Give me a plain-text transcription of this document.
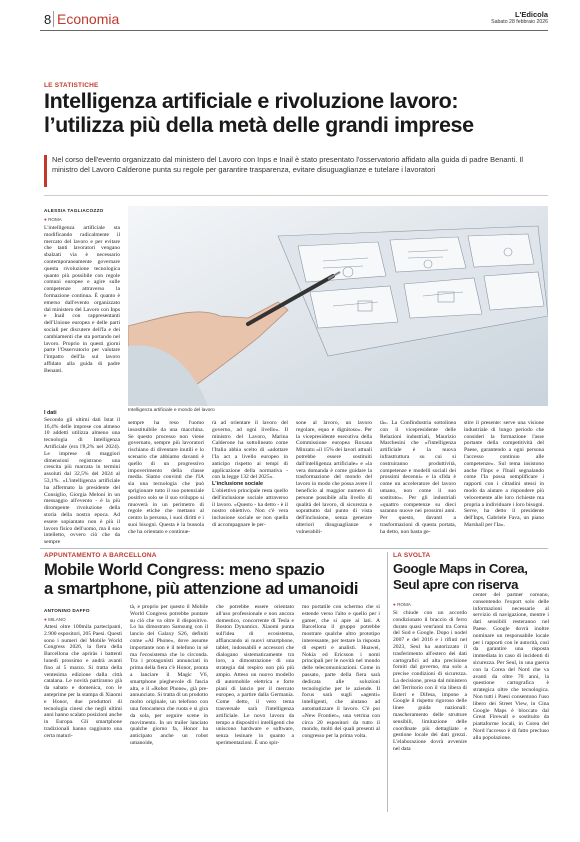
8 Economia	L'Edicola
Sabato 28 febbraio 2026
LE STATISTICHE
Intelligenza artificiale e rivoluzione lavoro:
l’utilizza più della metà delle grandi imprese
Nel corso dell'evento organizzato dal ministero del Lavoro con Inps e Inail è stato presentato l'osservatorio affidato alla guida di padre Benanti. Il ministro del Lavoro Calderone punta su regole per garantire trasparenza, evitare disuguaglianze e tutelare i lavoratori
ALESSIA TAGLIACOZZO
● ROMA
Intelligenza artificiale e mondo del lavoro

L'intelligenza artificiale sta modificando radicalmente il mercato del lavoro e per evitare che tanti lavoratori vengano sbalzati via è necessario contemporaneamente governare questa rivoluzione tecnologica quanto più possibile con regole comuni europee e agire sulle competenze attraverso la formazione continua. È quanto è emerso dall'evento organizzato dal ministero del Lavoro con Inps e Inail con rappresentanti dell'Unione europea e delle parti sociali per discutere dell'Ia e dei cambiamenti che sta portando nel lavoro. Proprio in questi giorni parte l'Osservatorio per valutare l'impatto dell'Ia sul lavoro affidato alla guida di padre Benanti.

I dati

Secondo gli ultimi dati Istat il 16,4% delle imprese con almeno 10 addetti utilizza almeno una tecnologia di Intelligenza Artificiale (era l'8,2% nel 2024). Le imprese di maggiori dimensioni registrano una crescita più marcata in termini assoluti dal 32,5% del 2024 al 53,1%. «L'intelligenza artificiale ha affermato la presidente del Consiglio, Giorgia Meloni in un messaggio all'evento - è la più dirompente rivoluzione della storia della nostra epoca. Ad essere sopiantato non è più il lavoro fisico dell'uomo, ma il suo intelletto, ovvero ciò che da sempre

sempre ha reso l'uomo insostituibile da una macchina. Se questo processo non viene governato, sempre più lavoratori rischiano di diventare inutili e lo scenario che abbiamo davanti è quello di un progressivo impoverimento della classe media. Siamo convinti che l'IA sia una tecnologia che può sprigionare tutto il suo potenziale positivo solo se il suo sviluppo si muoverà in un perimetro di regole etiche che mettano al centro la persona, i suoi diritti e i suoi bisogni. Questa è la bussola che ha orientato e continue-

rà ad orientare il lavoro del governo, ad ogni livello». Il ministro del Lavoro, Marina Calderone ha sottolineato come l'Italia abbia scelto di «adottare l'Ia act a livello europeo in anticipo rispetto ai tempi di applicazione della normativa - con la legge 132 del 2025».

L'inclusione sociale

L'obiettivo principale resta quello dell'inclusione sociale attraverso il lavoro. «Questo - ha detto - è il nostro obiettivo. Non c'è vera inclusione sociale se non quella di accompagnare le per-

sone al lavoro, un lavoro regolare, equo e dignitoso». Per la vicepresidente esecutiva della Commissione europea Roxana Minzatu «il 15% dei lavori attuali potrebbe essere sostituiti dall'intelligenza artificiale» e «la vera domanda è come guidare la trasformazione del mondo del lavoro in modo che possa avere il beneficio al maggior numero di persone possibile alla livello di qualità del lavoro, di sicurezza e soprattutto dal punto di vista dell'inclusione, senza generare ulteriori disuguaglianze e vulnerabili-

tà». La Confindustria sottolinea con il vicepresidente delle Relazioni industriali, Maurizio Marchesini che «l'intelligenza artificiale è la nuova infrastruttura su cui si costruiranno produttività, competenze e modelli sociali dei prossimi decenni» e la sfida è come un acceleratore del lavoro umano, non come il suo sostituto». Per gli industriali «quattro competenze su dieci saranno nuove nei prossimi anni. Per questo, davanti a trasformazioni di questa portata, ha detto, non basta ge-

stire il presente: serve una visione industriale di lungo periodo che consideri la formazione l'asse portante della competitività del Paese, garantendo a ogni persona l'accesso continuo alle competenze». Sul tema insistono anche l'Inps e l'Inail segnalando come l'Ia possa semplificare i rapporti con i cittadini stessi in modo da aiutare a rispondere più velocemente alle loro richieste ma propria a individuare i loro bisogni. Serve, ha detto il presidente dell'Inps, Gabriele Fava, un piano Marshall per l'Ia».

APPUNTAMENTO A BARCELLONA
Mobile World Congress: meno spazio
a smartphone, più attenzione ad umanoidi
ANTONINO DAFFO
● MILANO

Attesi oltre 100mila partecipanti, 2.900 espositori, 205 Paesi. Questi sono i numeri del Mobile World Congress 2026, la fiera della Barcellona che apriràs i battenti lunedì prossimo e andrà avanti fino al 5 marzo. Si tratta della ventesima edizione dalla città catalana. Le novità partiranno già da sabato e domenica, con le anteprime per la stampa di Xiaomi e Honor, due produttori di tecnologia cinesi che negli ultimi anni hanno scalato posizioni anche in Europa. Gli smartphone tradizionali hanno raggiunto una certa maturi-

tà, e proprio per questo il Mobile World Congress potrebbe puntare su ciò che va oltre il dispositivo. Lo ha dimostrato Samsung con il lancio del Galaxy S26, definiti come «AI Phone», dove assume importante non è il telefono in sé ma l'ecosistema che lo circonda. Tra i protagonisti annunciati in prima della fiera c'è Honor, pronta a lanciare il Magic V6, smartphone pieghevole di fascia alta, e il «Robot Phone», già pre-annunciato. Si tratta di un prodotto molto originale, un telefono con una fotocamera che ruota e si gira da sola, per seguire scene in movimento. In un trailer lanciato qualche giorno fa, Honor ha anticipato anche un robot umanoide,

che potrebbe essere orientato all'uso professionale e non ancora domestico, concorrente di Tesla e Boston Dynamics. Xiaomi punta sull'idea di ecosistema, affiancando ai nuovi smartphone, tablet, indossabili e accessori che dialogano sistematicamente tra loro, a dimostrazione di una strategia dal respiro non più più ampio. Atteso un nuovo modello di automobile elettrica e forte piani di lancio per il mercato europeo, a partire dalla Germania. Come detto, il vero tema trasversale sarà l'intelligenza artificiale. Le novo lavora da tempo a dispositivi intelligenti che uniscono hardware e software, senza lesinare in quanto a sperimentazioni. È uno spir-

mo portatile con schermo che si estende verso l'alto e quello per i gamer, che si apre ai lati. A Barcellona il gruppo potrebbe mostrare qualche altro prototipo interessante, per testare la risposta di esperti e analisti. Huawei, Nokia ed Ericsson i nomi principali per le novità nel mondo delle telecomunicazioni. Come in passato, parte della fiera sarà dedicata alle soluzioni tecnologiche per le aziende. Il focus sarà sugli «agenti» intelligenti, che aiutano ad automatizzare il lavoro. C'è poi «New Frontier», una vetrina con circa 20 espositori da tutto il mondo, molti dei quali presenti al congresso per la prima volta.

LA SVOLTA
Google Maps in Corea,
Seul apre con riserva
● ROMA

Si chiude con un accordo condizionato il braccio di ferro durato quasi vent'anni tra Corea del Sud e Google. Dopo i nodel 2007 e del 2016 e i rifiuti nel 2023, Seul ha autorizzato il trasferimento all'estero dei dati cartografici ad alta precisione forniti dal governo, ma solo a precise condizioni di sicurezza. La decisione, presa dal ministero del Territorio con il via libera di Esteri e Difesa, impone a Google il rispetto rigoroso delle linee guida nazionali: mascheramento delle strutture sensibili, limitazione delle coordinate più dettagliate e gestione locale dei dati grezzi. L'elaborazione dovrà avvenire nel data

center del partner coreano, consentendo l'export solo delle informazioni necessarie al servizio di navigazione, mentre i dati sensibili resteranno nel Paese. Google dovrà inoltre nominare un responsabile locale per i rapporti con le autorità, così da garantire una risposta immediata in caso di incidenti di sicurezza. Per Seul, in una guerra con la Corea del Nord che va avanti da oltre 70 anni, la questione cartografica è strategica oltre che tecnologica. Non tutti i Paesi consentono l'uso libero dei Street View, in Cina Google Maps è bloccato dal Great Firewall e sostituito da piattaforme locali, in Corea del Nord l'accesso è di fatto precluso alla popolazione.
